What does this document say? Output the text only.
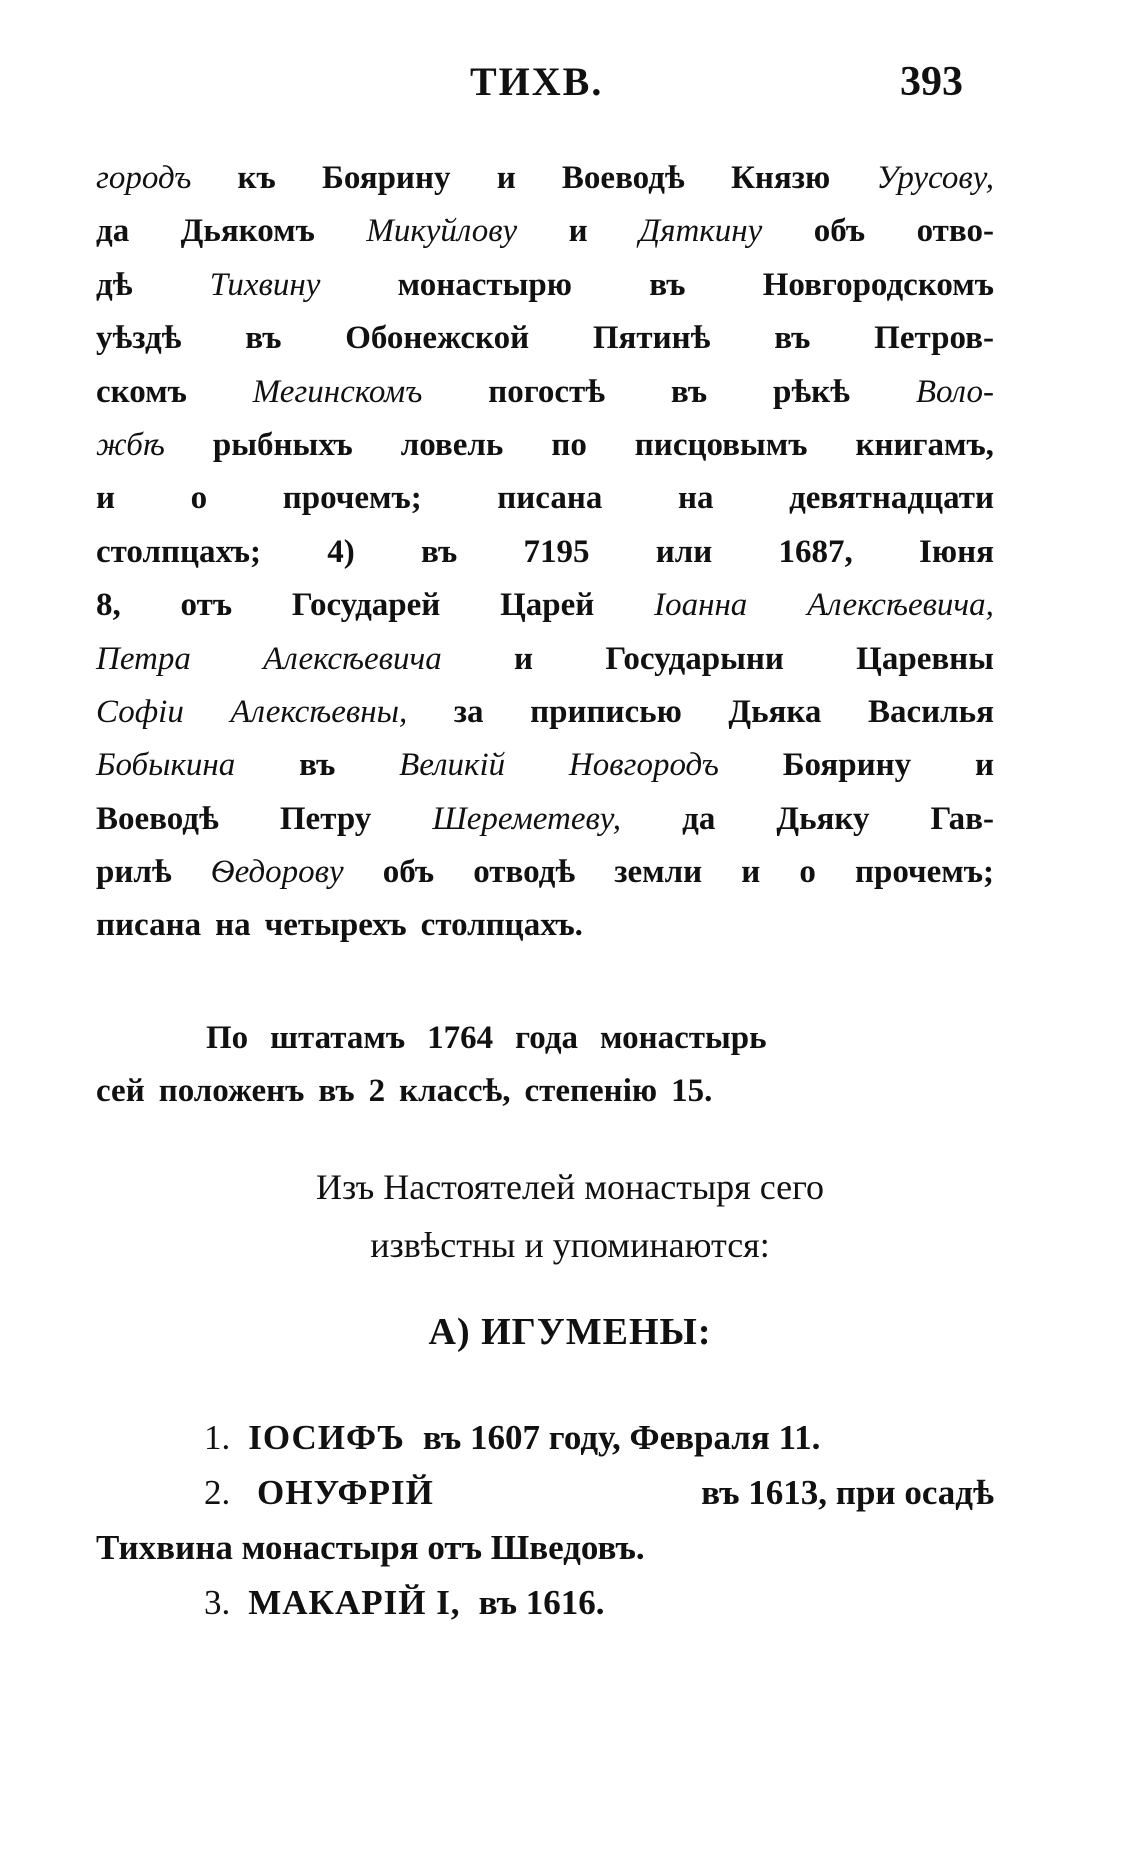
ТИХВ.	393
городъ къ Боярину и Воеводѣ Князю Урусову,
да Дьякомъ Микуйлову и Дяткину объ отво-
дѣ Тихвину монастырю въ Новгородскомъ
уѣздѣ въ Обонежской Пятинѣ въ Петров-
скомъ Мегинскомъ погостѣ въ рѣкѣ Воло-
жбѣ рыбныхъ ловель по писцовымъ книгамъ,
и о прочемъ; писана на девятнадцати
столпцахъ; 4) въ 7195 или 1687, Іюня
8, отъ Государей Царей Іоанна Алексѣевича,
Петра Алексѣевича и Государыни Царевны
Софіи Алексѣевны, за приписью Дьяка Василья
Бобыкина въ Великій Новгородъ Боярину и
Воеводѣ Петру Шереметеву, да Дьяку Гав-
рилѣ Ѳедорову объ отводѣ земли и о прочемъ;
писана на четырехъ столпцахъ.
По штатамъ 1764 года монастырь
сей положенъ въ 2 классѣ, степенію 15.
Изъ Настоятелей монастыря сего
извѣстны и упоминаются:
А) ИГУМЕНЫ:
1. ІОСИФЪ въ 1607 году, Февраля 11.
2. ОНУФРІЙ	въ 1613, при осадѣ
Тихвина монастыря отъ Шведовъ.
3. МАКАРІЙ I, въ 1616.
